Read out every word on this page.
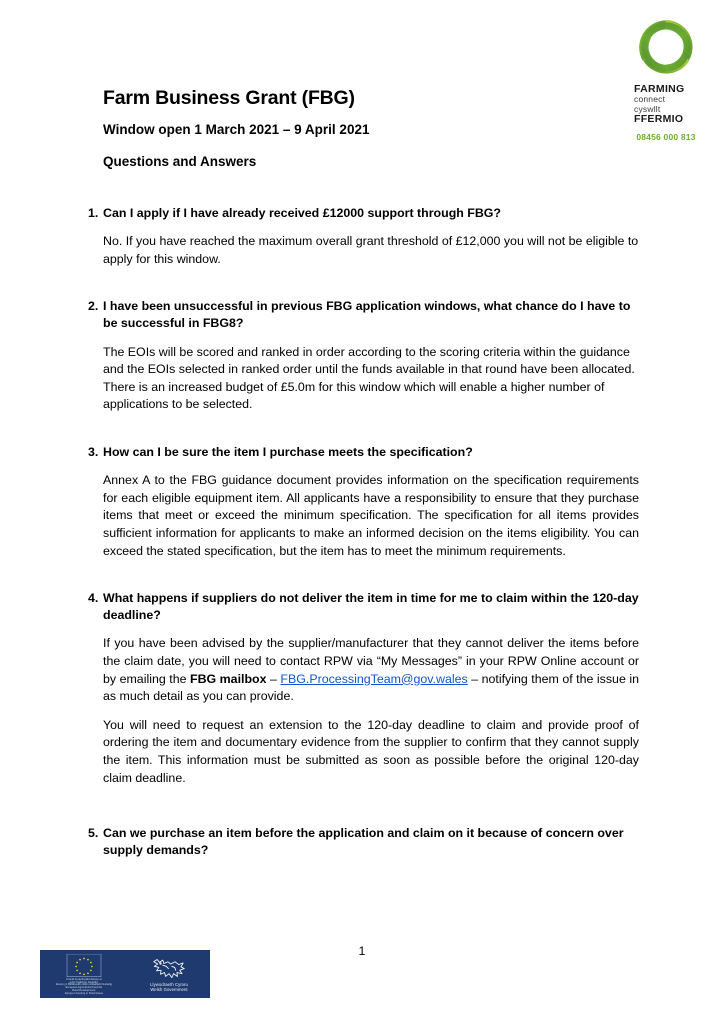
FARMING
connect
cyswllt
FFERMIO
08456 000 813
Farm Business Grant (FBG)
Window open 1 March 2021 – 9 April 2021
Questions and Answers
1. Can I apply if I have already received £12000 support through FBG?

No. If you have reached the maximum overall grant threshold of £12,000 you will not be eligible to apply for this window.

2. I have been unsuccessful in previous FBG application windows, what chance do I have to be successful in FBG8?

The EOIs will be scored and ranked in order according to the scoring criteria within the guidance and the EOIs selected in ranked order until the funds available in that round have been allocated. There is an increased budget of £5.0m for this window which will enable a higher number of applications to be selected.

3. How can I be sure the item I purchase meets the specification?

Annex A to the FBG guidance document provides information on the specification requirements for each eligible equipment item. All applicants have a responsibility to ensure that they purchase items that meet or exceed the minimum specification. The specification for all items provides sufficient information for applicants to make an informed decision on the items eligibility. You can exceed the stated specification, but the item has to meet the minimum requirements.

4. What happens if suppliers do not deliver the item in time for me to claim within the 120-day deadline?

If you have been advised by the supplier/manufacturer that they cannot deliver the items before the claim date, you will need to contact RPW via “My Messages” in your RPW Online account or by emailing the FBG mailbox – FBG.ProcessingTeam@gov.wales – notifying them of the issue in as much detail as you can provide.

You will need to request an extension to the 120-day deadline to claim and provide proof of ordering the item and documentary evidence from the supplier to confirm that they cannot supply the item. This information must be submitted as soon as possible before the original 120-day claim deadline.

5. Can we purchase an item before the application and claim on it because of concern over supply demands?
1
Cronfa Amaethyddol Ewrop ar
gyfer Datblygu Gwledig:
Ewrop yn Buddsoddi mewn Ardaloedd Gwledig
European Agricultural Fund for
Rural Development:
Europe Investing in Rural Areas
Llywodraeth Cymru
Welsh Government
